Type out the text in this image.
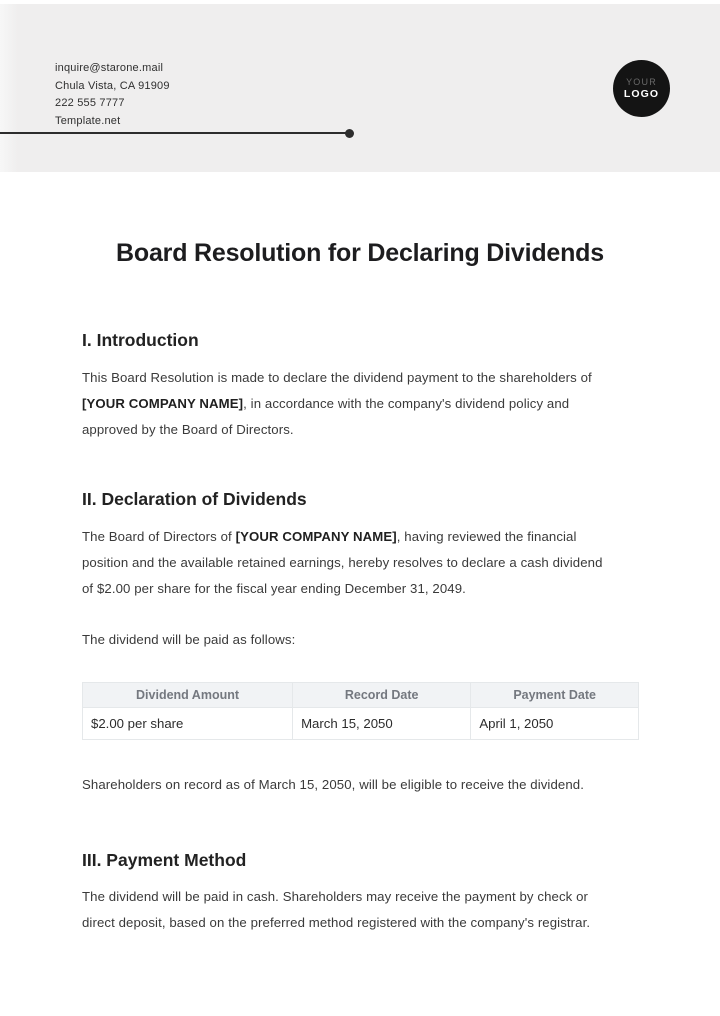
inquire@starone.mail
Chula Vista, CA 91909
222 555 7777
Template.net
YOUR
LOGO
Board Resolution for Declaring Dividends
I. Introduction

This Board Resolution is made to declare the dividend payment to the shareholders of
[YOUR COMPANY NAME], in accordance with the company's dividend policy and
approved by the Board of Directors.

II. Declaration of Dividends

The Board of Directors of [YOUR COMPANY NAME], having reviewed the financial
position and the available retained earnings, hereby resolves to declare a cash dividend
of $2.00 per share for the fiscal year ending December 31, 2049.

The dividend will be paid as follows:

Dividend Amount	Record Date	Payment Date
$2.00 per share	March 15, 2050	April 1, 2050

Shareholders on record as of March 15, 2050, will be eligible to receive the dividend.

III. Payment Method

The dividend will be paid in cash. Shareholders may receive the payment by check or
direct deposit, based on the preferred method registered with the company's registrar.
